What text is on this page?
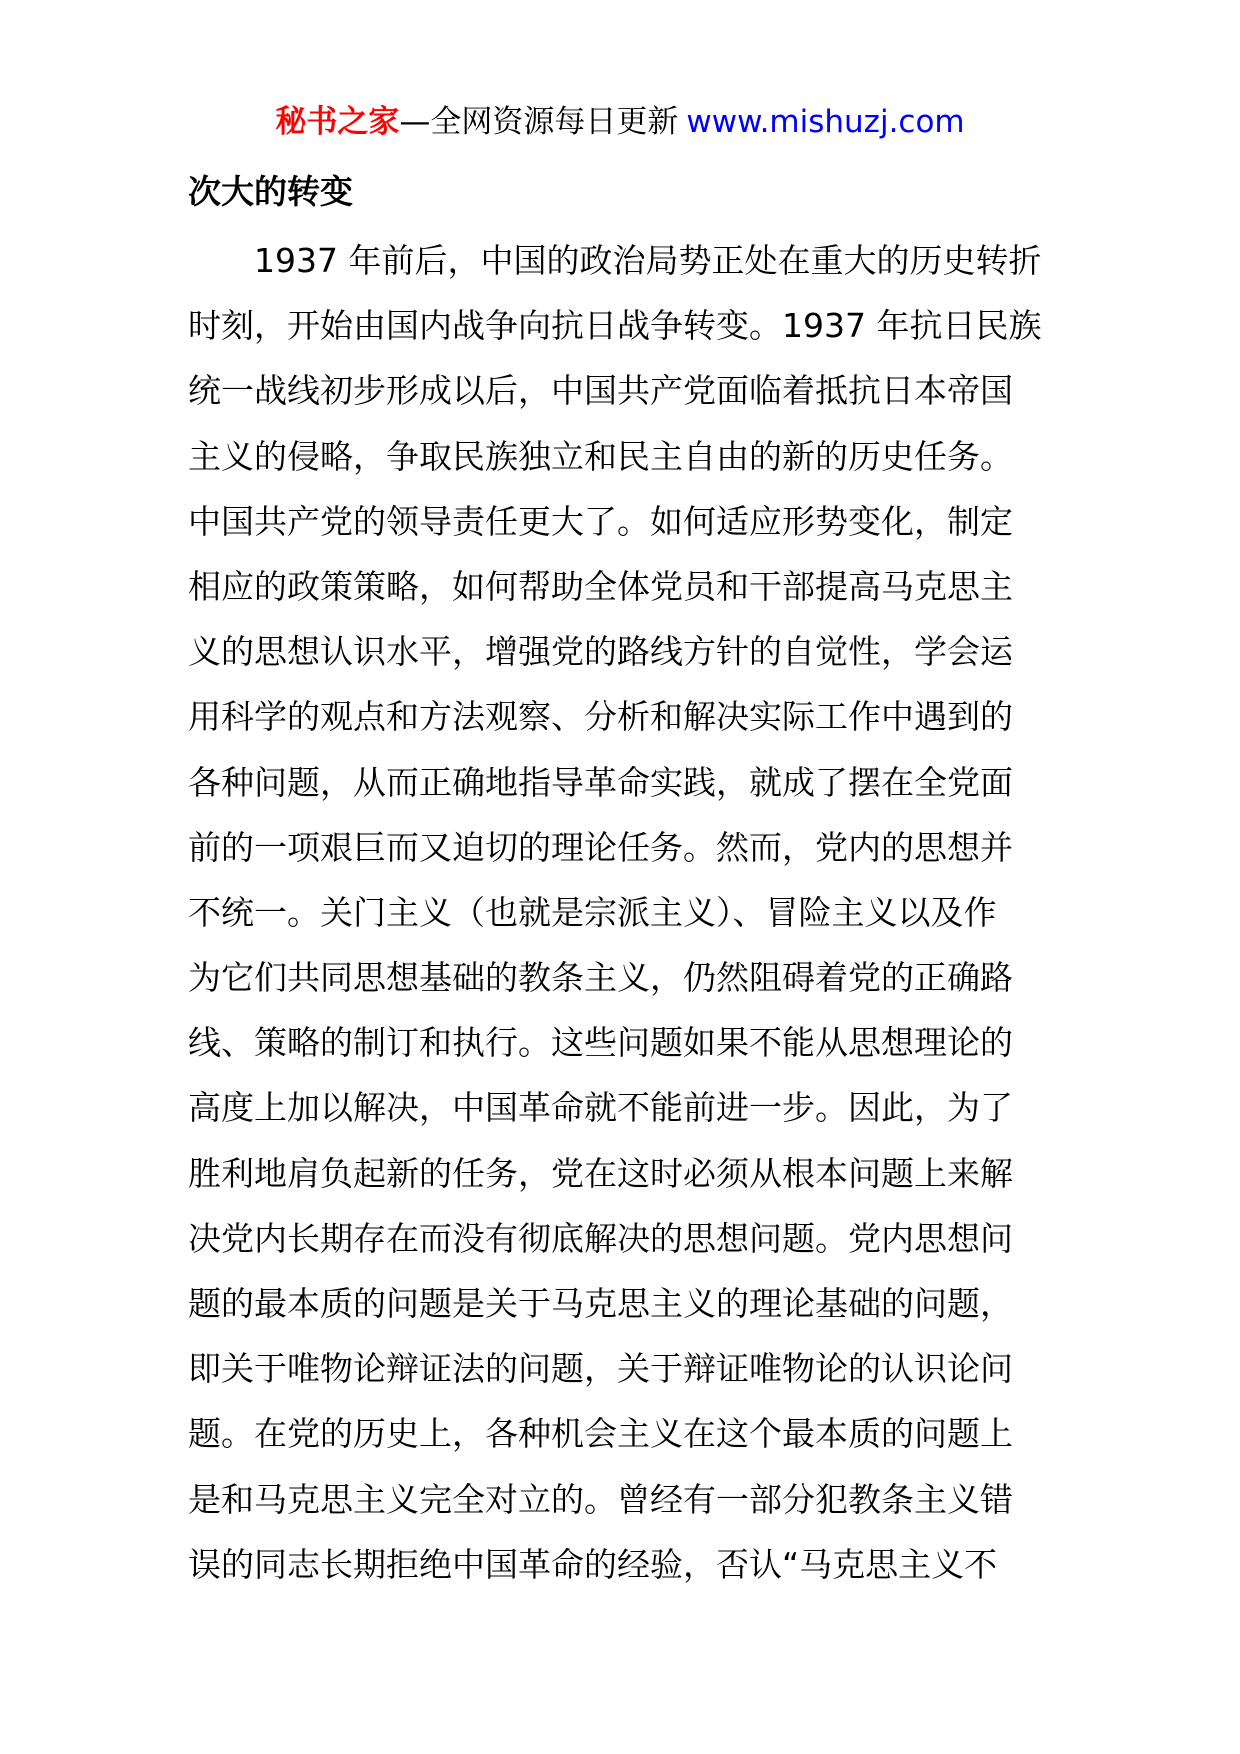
秘书之家—全网资源每日更新 www.mishuzj.com
次大的转变
1937 年前后，中国的政治局势正处在重大的历史转折
时刻，开始由国内战争向抗日战争转变。1937 年抗日民族
统一战线初步形成以后，中国共产党面临着抵抗日本帝国
主义的侵略，争取民族独立和民主自由的新的历史任务。
中国共产党的领导责任更大了。如何适应形势变化，制定
相应的政策策略，如何帮助全体党员和干部提高马克思主
义的思想认识水平，增强党的路线方针的自觉性，学会运
用科学的观点和方法观察、分析和解决实际工作中遇到的
各种问题，从而正确地指导革命实践，就成了摆在全党面
前的一项艰巨而又迫切的理论任务。然而，党内的思想并
不统一。关门主义（也就是宗派主义）、冒险主义以及作
为它们共同思想基础的教条主义，仍然阻碍着党的正确路
线、策略的制订和执行。这些问题如果不能从思想理论的
高度上加以解决，中国革命就不能前进一步。因此，为了
胜利地肩负起新的任务，党在这时必须从根本问题上来解
决党内长期存在而没有彻底解决的思想问题。党内思想问
题的最本质的问题是关于马克思主义的理论基础的问题，
即关于唯物论辩证法的问题，关于辩证唯物论的认识论问
题。在党的历史上，各种机会主义在这个最本质的问题上
是和马克思主义完全对立的。曾经有一部分犯教条主义错
误的同志长期拒绝中国革命的经验，否认“马克思主义不
